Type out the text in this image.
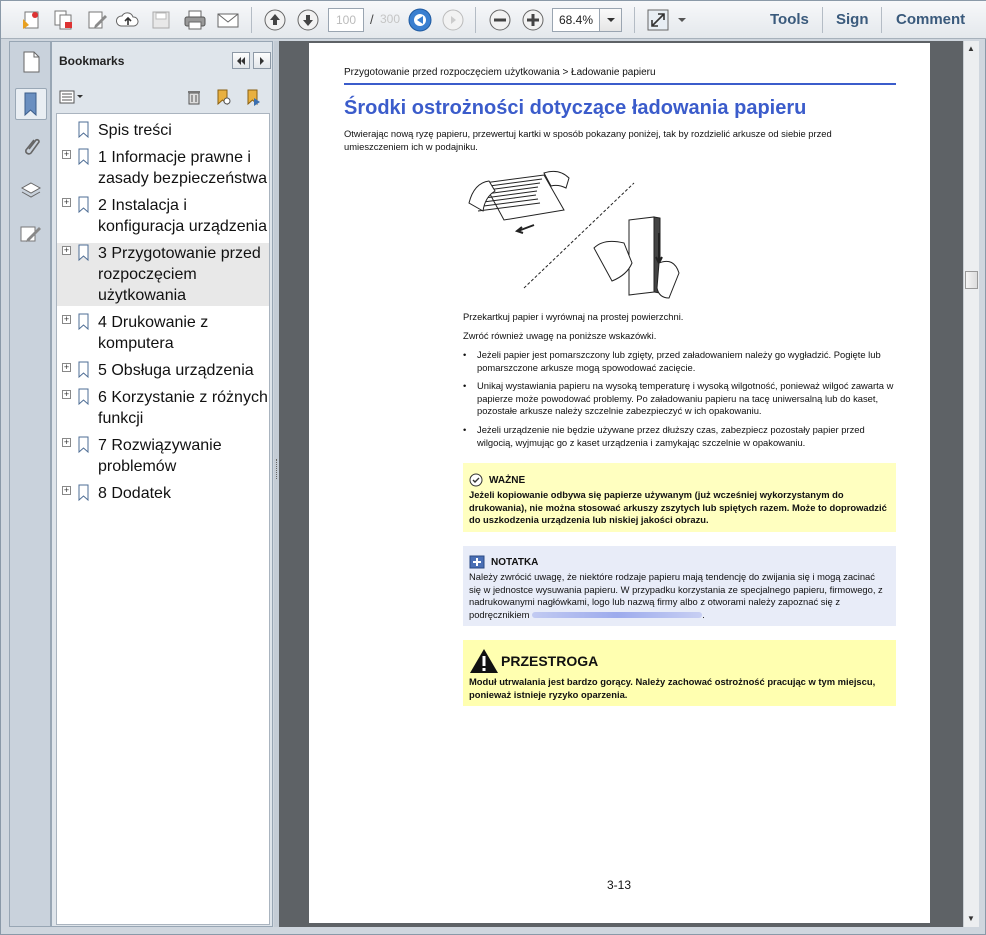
100	/ 300	68.4%	Tools Sign Comment
Bookmarks
Spis treści
+ 1 Informacje prawne i zasady bezpieczeństwa
+ 2 Instalacja i konfiguracja urządzenia
+ 3 Przygotowanie przed rozpoczęciem użytkowania
+ 4 Drukowanie z komputera
+ 5 Obsługa urządzenia
+ 6 Korzystanie z różnych funkcji
+ 7 Rozwiązywanie problemów
+ 8 Dodatek
Przygotowanie przed rozpoczęciem użytkowania > Ładowanie papieru
Środki ostrożności dotyczące ładowania papieru
Otwierając nową ryzę papieru, przewertuj kartki w sposób pokazany poniżej, tak by rozdzielić arkusze od siebie przed umieszczeniem ich w podajniku.
Przekartkuj papier i wyrównaj na prostej powierzchni.
Zwróć również uwagę na poniższe wskazówki.
• Jeżeli papier jest pomarszczony lub zgięty, przed załadowaniem należy go wygładzić. Pogięte lub pomarszczone arkusze mogą spowodować zacięcie.
• Unikaj wystawiania papieru na wysoką temperaturę i wysoką wilgotność, ponieważ wilgoć zawarta w papierze może powodować problemy. Po załadowaniu papieru na tacę uniwersalną lub do kaset, pozostałe arkusze należy szczelnie zabezpieczyć w ich opakowaniu.
• Jeżeli urządzenie nie będzie używane przez dłuższy czas, zabezpiecz pozostały papier przed wilgocią, wyjmując go z kaset urządzenia i zamykając szczelnie w opakowaniu.
WAŻNE
Jeżeli kopiowanie odbywa się papierze używanym (już wcześniej wykorzystanym do drukowania), nie można stosować arkuszy zszytych lub spiętych razem. Może to doprowadzić do uszkodzenia urządzenia lub niskiej jakości obrazu.
NOTATKA
Należy zwrócić uwagę, że niektóre rodzaje papieru mają tendencję do zwijania się i mogą zacinać się w jednostce wysuwania papieru. W przypadku korzystania ze specjalnego papieru, firmowego, z nadrukowanymi nagłówkami, logo lub nazwą firmy albo z otworami należy zapoznać się z podręcznikiem	.
PRZESTROGA
Moduł utrwalania jest bardzo gorący. Należy zachować ostrożność pracując w tym miejscu, ponieważ istnieje ryzyko oparzenia.
3-13
▲
▼
